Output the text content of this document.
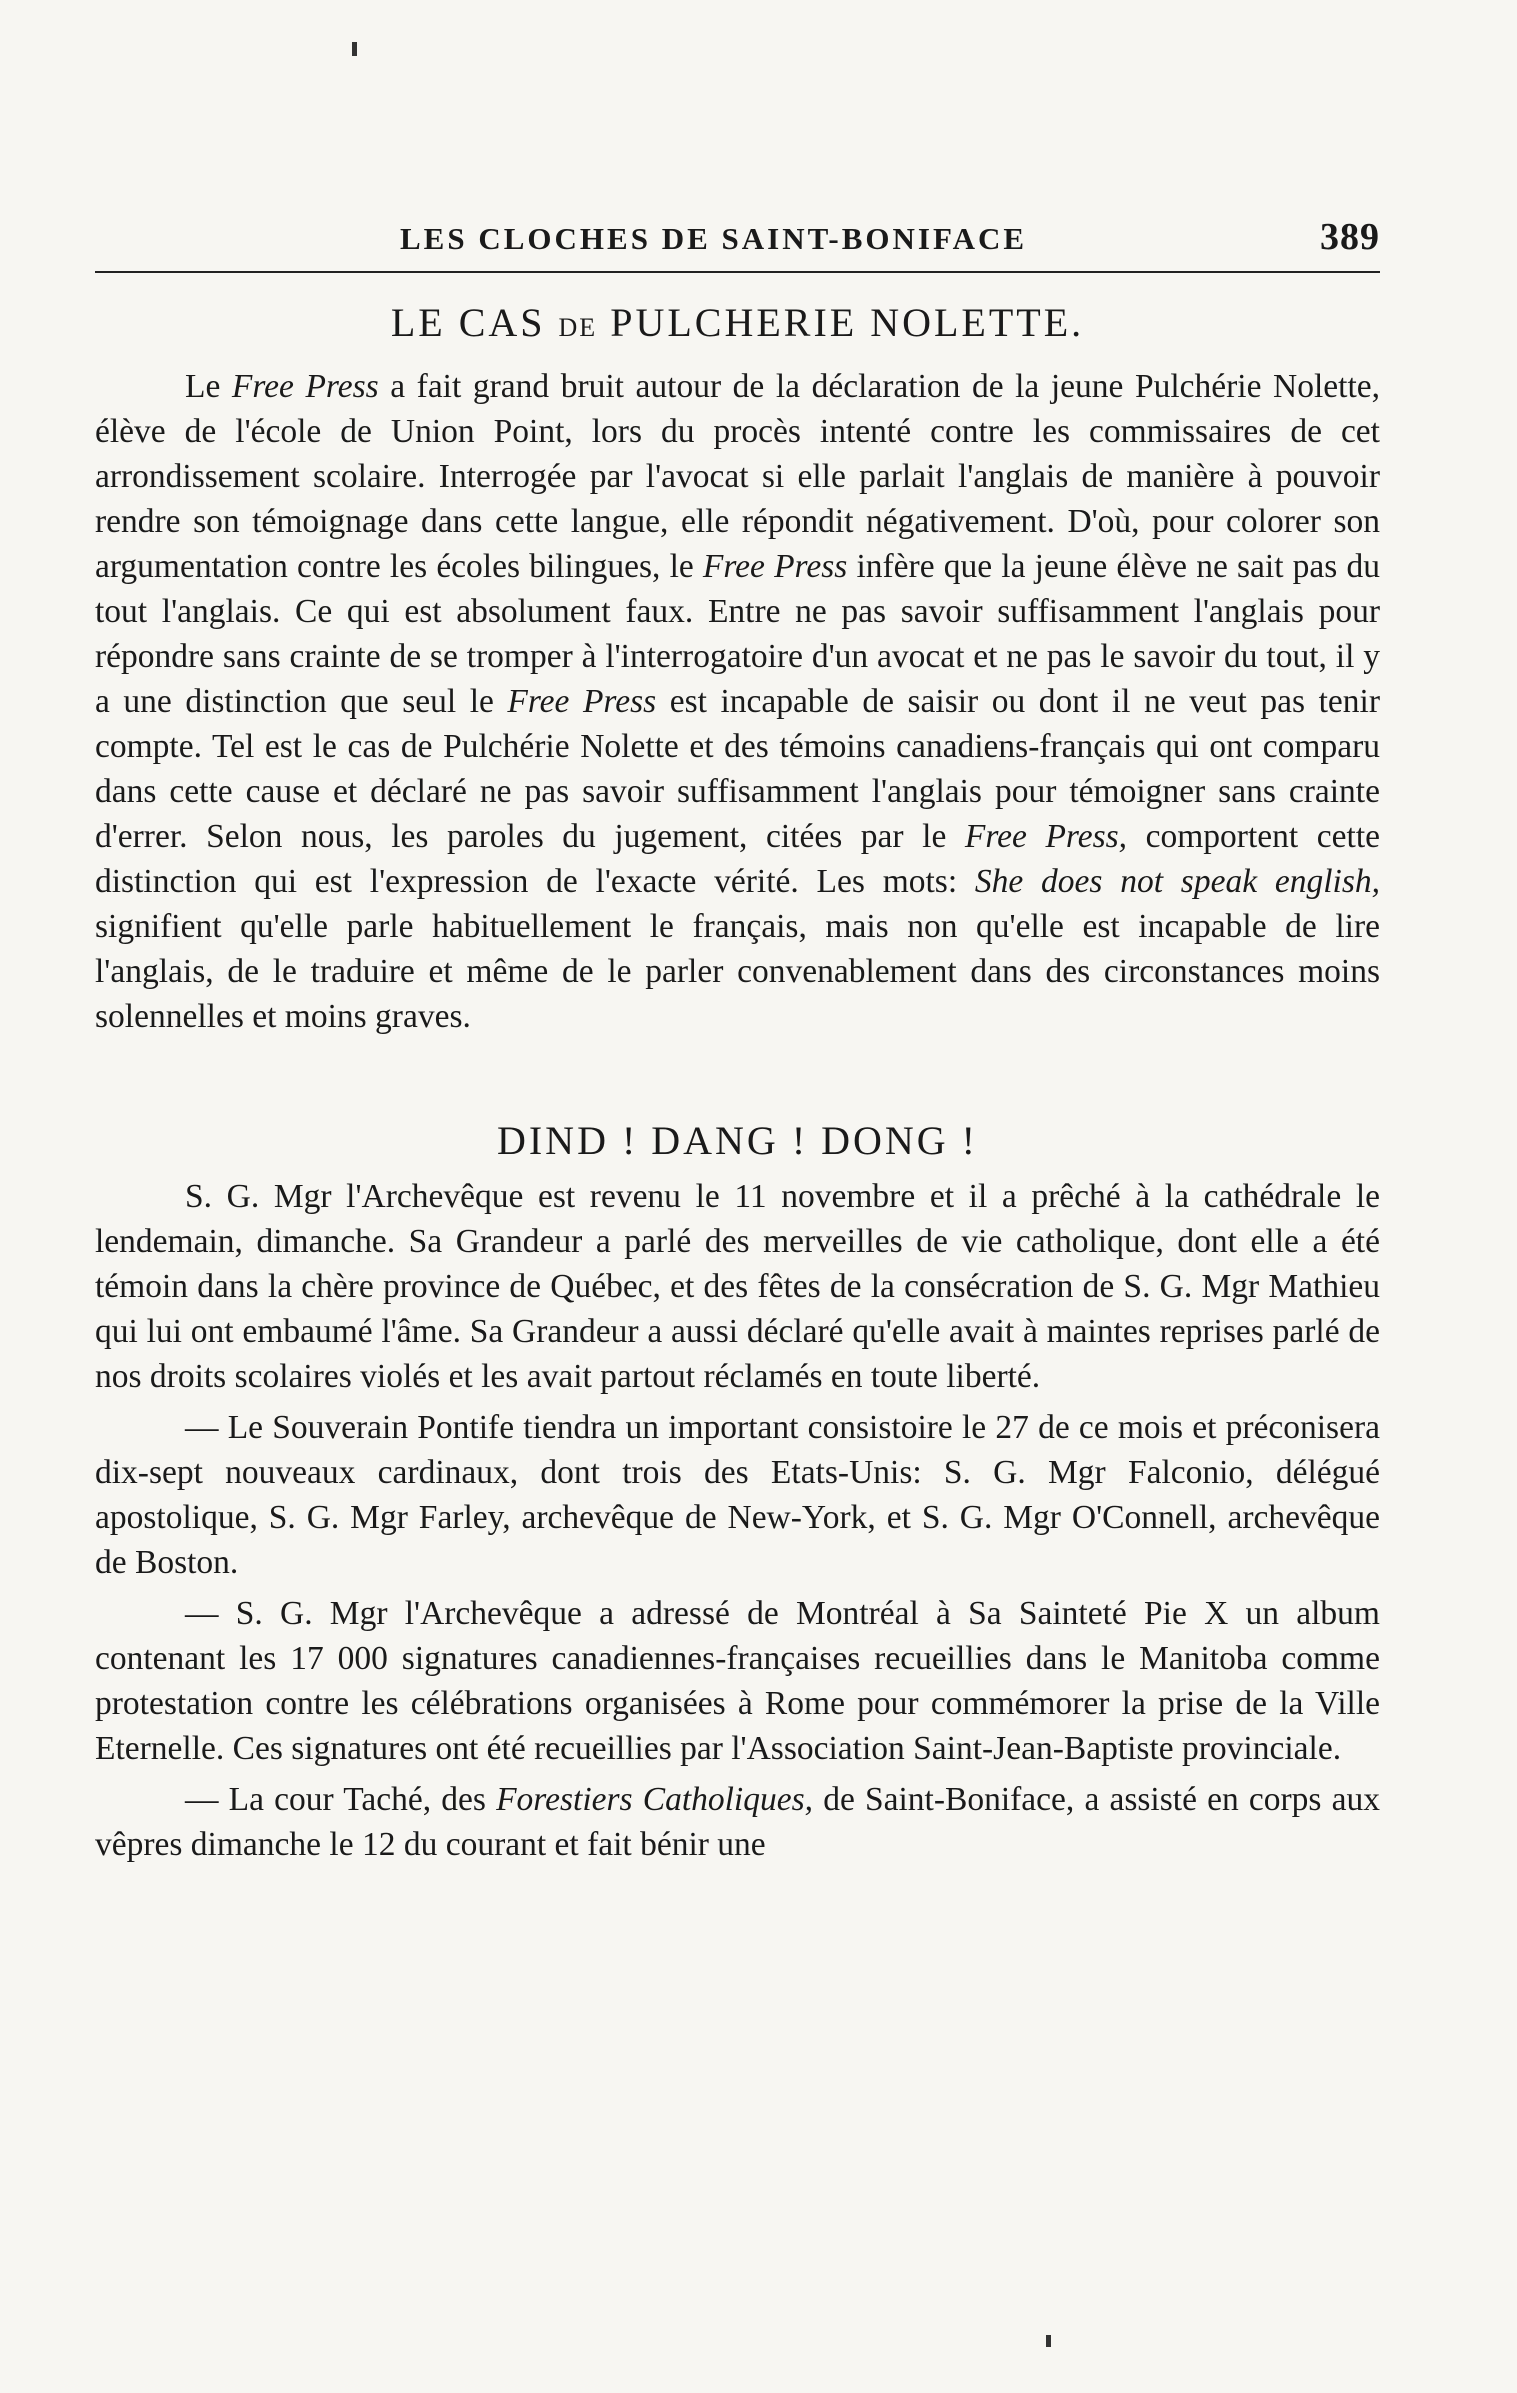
LES CLOCHES DE SAINT-BONIFACE	389
LE CAS DE PULCHERIE NOLETTE.

Le Free Press a fait grand bruit autour de la déclaration de la jeune Pulchérie Nolette, élève de l'école de Union Point, lors du procès intenté contre les commissaires de cet arrondissement scolaire. Interrogée par l'avocat si elle parlait l'anglais de manière à pouvoir rendre son témoignage dans cette langue, elle répondit négativement. D'où, pour colorer son argumentation contre les écoles bilingues, le Free Press infère que la jeune élève ne sait pas du tout l'anglais. Ce qui est absolument faux. Entre ne pas savoir suffisamment l'anglais pour répondre sans crainte de se tromper à l'interrogatoire d'un avocat et ne pas le savoir du tout, il y a une distinction que seul le Free Press est incapable de saisir ou dont il ne veut pas tenir compte. Tel est le cas de Pulchérie Nolette et des témoins canadiens-français qui ont comparu dans cette cause et déclaré ne pas savoir suffisamment l'anglais pour témoigner sans crainte d'errer. Selon nous, les paroles du jugement, citées par le Free Press, comportent cette distinction qui est l'expression de l'exacte vérité. Les mots: She does not speak english, signifient qu'elle parle habituellement le français, mais non qu'elle est incapable de lire l'anglais, de le traduire et même de le parler convenablement dans des circonstances moins solennelles et moins graves.

DIND ! DANG ! DONG !

S. G. Mgr l'Archevêque est revenu le 11 novembre et il a prêché à la cathédrale le lendemain, dimanche. Sa Grandeur a parlé des merveilles de vie catholique, dont elle a été témoin dans la chère province de Québec, et des fêtes de la consécration de S. G. Mgr Mathieu qui lui ont embaumé l'âme. Sa Grandeur a aussi déclaré qu'elle avait à maintes reprises parlé de nos droits scolaires violés et les avait partout réclamés en toute liberté.

— Le Souverain Pontife tiendra un important consistoire le 27 de ce mois et préconisera dix-sept nouveaux cardinaux, dont trois des Etats-Unis: S. G. Mgr Falconio, délégué apostolique, S. G. Mgr Farley, archevêque de New-York, et S. G. Mgr O'Connell, archevêque de Boston.

— S. G. Mgr l'Archevêque a adressé de Montréal à Sa Sainteté Pie X un album contenant les 17 000 signatures canadiennes-françaises recueillies dans le Manitoba comme protestation contre les célébrations organisées à Rome pour commémorer la prise de la Ville Eternelle. Ces signatures ont été recueillies par l'Association Saint-Jean-Baptiste provinciale.

— La cour Taché, des Forestiers Catholiques, de Saint-Boniface, a assisté en corps aux vêpres dimanche le 12 du courant et fait bénir une
